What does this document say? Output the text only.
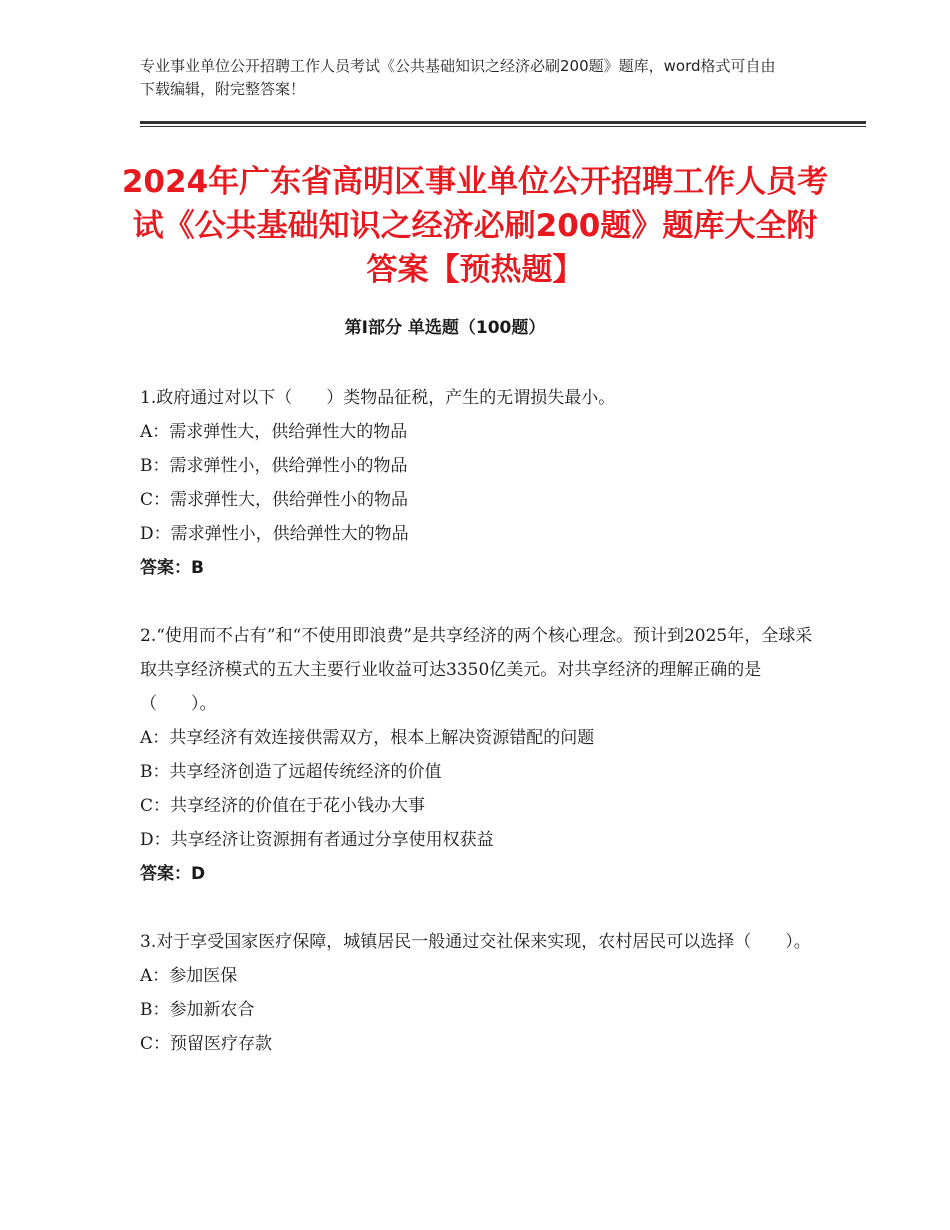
专业事业单位公开招聘工作人员考试《公共基础知识之经济必刷200题》题库，word格式可自由下载编辑，附完整答案！
2024年广东省高明区事业单位公开招聘工作人员考试《公共基础知识之经济必刷200题》题库大全附答案【预热题】
第Ⅰ部分 单选题（100题）
1.政府通过对以下（　　）类物品征税，产生的无谓损失最小。
A：需求弹性大，供给弹性大的物品
B：需求弹性小，供给弹性小的物品
C：需求弹性大，供给弹性小的物品
D：需求弹性小，供给弹性大的物品
答案：B
2.“使用而不占有”和“不使用即浪费”是共享经济的两个核心理念。预计到2025年，全球采取共享经济模式的五大主要行业收益可达3350亿美元。对共享经济的理解正确的是（　　）。
A：共享经济有效连接供需双方，根本上解决资源错配的问题
B：共享经济创造了远超传统经济的价值
C：共享经济的价值在于花小钱办大事
D：共享经济让资源拥有者通过分享使用权获益
答案：D
3.对于享受国家医疗保障，城镇居民一般通过交社保来实现，农村居民可以选择（　　）。
A：参加医保
B：参加新农合
C：预留医疗存款
